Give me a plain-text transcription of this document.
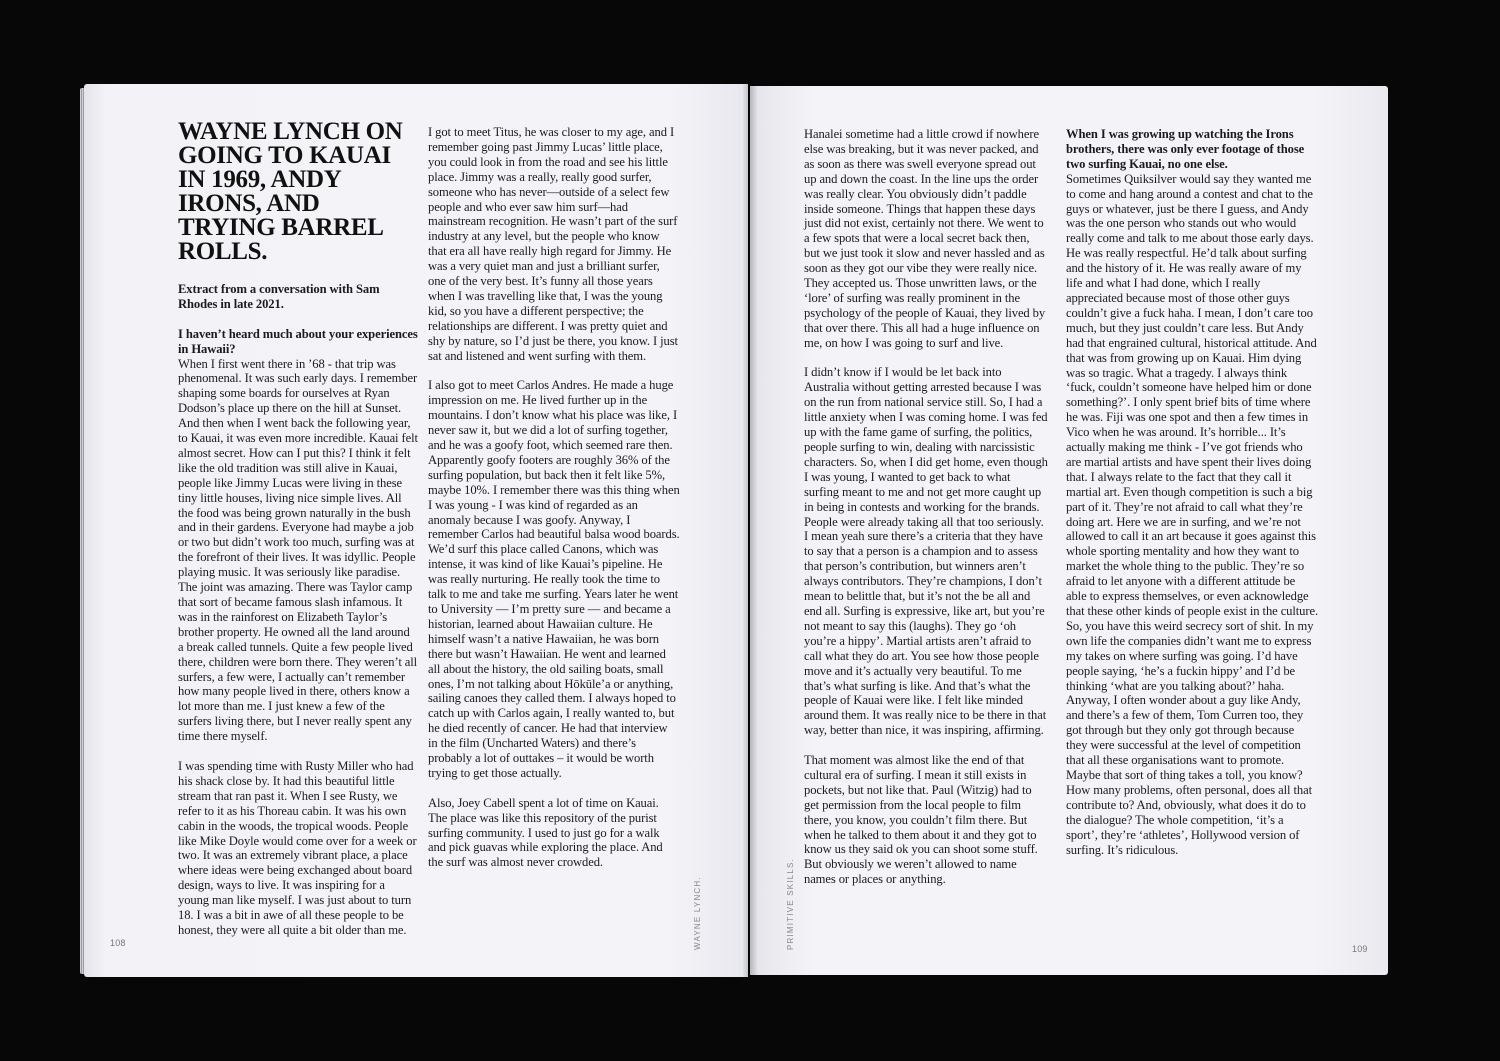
WAYNE LYNCH ON GOING TO KAUAI IN 1969, ANDY IRONS, AND TRYING BARREL ROLLS.

Extract from a conversation with Sam Rhodes in late 2021.

I haven’t heard much about your experiences in Hawaii?

When I first went there in ’68 - that trip was phenomenal. It was such early days. I remember shaping some boards for ourselves at Ryan Dodson’s place up there on the hill at Sunset. And then when I went back the following year, to Kauai, it was even more incredible. Kauai felt almost secret. How can I put this? I think it felt like the old tradition was still alive in Kauai, people like Jimmy Lucas were living in these tiny little houses, living nice simple lives. All the food was being grown naturally in the bush and in their gardens. Everyone had maybe a job or two but didn’t work too much, surfing was at the forefront of their lives. It was idyllic. People playing music. It was seriously like paradise. The joint was amazing. There was Taylor camp that sort of became famous slash infamous. It was in the rainforest on Elizabeth Taylor’s brother property. He owned all the land around a break called tunnels. Quite a few people lived there, children were born there. They weren’t all surfers, a few were, I actually can’t remember how many people lived in there, others know a lot more than me. I just knew a few of the surfers living there, but I never really spent any time there myself.

I was spending time with Rusty Miller who had his shack close by. It had this beautiful little stream that ran past it. When I see Rusty, we refer to it as his Thoreau cabin. It was his own cabin in the woods, the tropical woods. People like Mike Doyle would come over for a week or two. It was an extremely vibrant place, a place where ideas were being exchanged about board design, ways to live. It was inspiring for a young man like myself. I was just about to turn 18. I was a bit in awe of all these people to be honest, they were all quite a bit older than me.

I got to meet Titus, he was closer to my age, and I remember going past Jimmy Lucas’ little place, you could look in from the road and see his little place. Jimmy was a really, really good surfer, someone who has never—outside of a select few people and who ever saw him surf—had mainstream recognition. He wasn’t part of the surf industry at any level, but the people who know that era all have really high regard for Jimmy. He was a very quiet man and just a brilliant surfer, one of the very best. It’s funny all those years when I was travelling like that, I was the young kid, so you have a different perspective; the relationships are different. I was pretty quiet and shy by nature, so I’d just be there, you know. I just sat and listened and went surfing with them.

I also got to meet Carlos Andres. He made a huge impression on me. He lived further up in the mountains. I don’t know what his place was like, I never saw it, but we did a lot of surfing together, and he was a goofy foot, which seemed rare then. Apparently goofy footers are roughly 36% of the surfing population, but back then it felt like 5%, maybe 10%. I remember there was this thing when I was young - I was kind of regarded as an anomaly because I was goofy. Anyway, I remember Carlos had beautiful balsa wood boards. We’d surf this place called Canons, which was intense, it was kind of like Kauai’s pipeline. He was really nurturing. He really took the time to talk to me and take me surfing. Years later he went to University — I’m pretty sure — and became a historian, learned about Hawaiian culture. He himself wasn’t a native Hawaiian, he was born there but wasn’t Hawaiian. He went and learned all about the history, the old sailing boats, small ones, I’m not talking about Hōkūle’a or anything, sailing canoes they called them. I always hoped to catch up with Carlos again, I really wanted to, but he died recently of cancer. He had that interview in the film (Uncharted Waters) and there’s probably a lot of outtakes – it would be worth trying to get those actually.

Also, Joey Cabell spent a lot of time on Kauai. The place was like this repository of the purist surfing community. I used to just go for a walk and pick guavas while exploring the place. And the surf was almost never crowded.

108	WAYNE LYNCH.

Hanalei sometime had a little crowd if nowhere else was breaking, but it was never packed, and as soon as there was swell everyone spread out up and down the coast. In the line ups the order was really clear. You obviously didn’t paddle inside someone. Things that happen these days just did not exist, certainly not there. We went to a few spots that were a local secret back then, but we just took it slow and never hassled and as soon as they got our vibe they were really nice. They accepted us. Those unwritten laws, or the ‘lore’ of surfing was really prominent in the psychology of the people of Kauai, they lived by that over there. This all had a huge influence on me, on how I was going to surf and live.

I didn’t know if I would be let back into Australia without getting arrested because I was on the run from national service still. So, I had a little anxiety when I was coming home. I was fed up with the fame game of surfing, the politics, people surfing to win, dealing with narcissistic characters. So, when I did get home, even though I was young, I wanted to get back to what surfing meant to me and not get more caught up in being in contests and working for the brands. People were already taking all that too seriously. I mean yeah sure there’s a criteria that they have to say that a person is a champion and to assess that person’s contribution, but winners aren’t always contributors. They’re champions, I don’t mean to belittle that, but it’s not the be all and end all. Surfing is expressive, like art, but you’re not meant to say this (laughs). They go ‘oh you’re a hippy’. Martial artists aren’t afraid to call what they do art. You see how those people move and it’s actually very beautiful. To me that’s what surfing is like. And that’s what the people of Kauai were like. I felt like minded around them. It was really nice to be there in that way, better than nice, it was inspiring, affirming.

That moment was almost like the end of that cultural era of surfing. I mean it still exists in pockets, but not like that. Paul (Witzig) had to get permission from the local people to film there, you know, you couldn’t film there. But when he talked to them about it and they got to know us they said ok you can shoot some stuff. But obviously we weren’t allowed to name names or places or anything.

When I was growing up watching the Irons brothers, there was only ever footage of those two surfing Kauai, no one else.

Sometimes Quiksilver would say they wanted me to come and hang around a contest and chat to the guys or whatever, just be there I guess, and Andy was the one person who stands out who would really come and talk to me about those early days. He was really respectful. He’d talk about surfing and the history of it. He was really aware of my life and what I had done, which I really appreciated because most of those other guys couldn’t give a fuck haha. I mean, I don’t care too much, but they just couldn’t care less. But Andy had that engrained cultural, historical attitude. And that was from growing up on Kauai. Him dying was so tragic. What a tragedy. I always think ‘fuck, couldn’t someone have helped him or done something?’. I only spent brief bits of time where he was. Fiji was one spot and then a few times in Vico when he was around. It’s horrible... It’s actually making me think - I’ve got friends who are martial artists and have spent their lives doing that. I always relate to the fact that they call it martial art. Even though competition is such a big part of it. They’re not afraid to call what they’re doing art. Here we are in surfing, and we’re not allowed to call it an art because it goes against this whole sporting mentality and how they want to market the whole thing to the public. They’re so afraid to let anyone with a different attitude be able to express themselves, or even acknowledge that these other kinds of people exist in the culture. So, you have this weird secrecy sort of shit. In my own life the companies didn’t want me to express my takes on where surfing was going. I’d have people saying, ‘he’s a fuckin hippy’ and I’d be thinking ‘what are you talking about?’ haha. Anyway, I often wonder about a guy like Andy, and there’s a few of them, Tom Curren too, they got through but they only got through because they were successful at the level of competition that all these organisations want to promote. Maybe that sort of thing takes a toll, you know? How many problems, often personal, does all that contribute to? And, obviously, what does it do to the dialogue? The whole competition, ‘it’s a sport’, they’re ‘athletes’, Hollywood version of surfing. It’s ridiculous.

PRIMITIVE SKILLS.	109
